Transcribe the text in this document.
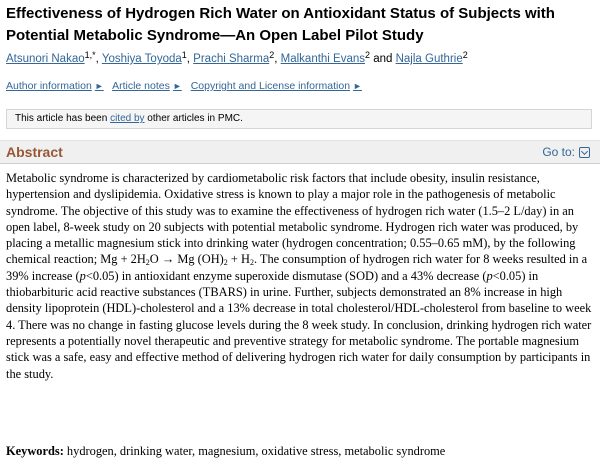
Effectiveness of Hydrogen Rich Water on Antioxidant Status of Subjects with Potential Metabolic Syndrome—An Open Label Pilot Study
Atsunori Nakao$^{1,*}$, Yoshiya Toyoda$^1$, Prachi Sharma$^2$, Malkanthi Evans$^2$ and Najla Guthrie$^2$
Author information ► Article notes ► Copyright and License information ►
This article has been cited by other articles in PMC.
Abstract	Go to:
Metabolic syndrome is characterized by cardiometabolic risk factors that include obesity, insulin resistance, hypertension and dyslipidemia. Oxidative stress is known to play a major role in the pathogenesis of metabolic syndrome. The objective of this study was to examine the effectiveness of hydrogen rich water (1.5–2 L/day) in an open label, 8-week study on 20 subjects with potential metabolic syndrome. Hydrogen rich water was produced, by placing a metallic magnesium stick into drinking water (hydrogen concentration; 0.55–0.65 mM), by the following chemical reaction; $Mg + 2H_2O \to Mg$ $(OH)_2 + H_2$. The consumption of hydrogen rich water for 8 weeks resulted in a 39% increase (p<0.05) in antioxidant enzyme superoxide dismutase (SOD) and a 43% decrease (p<0.05) in thiobarbituric acid reactive substances (TBARS) in urine. Further, subjects demonstrated an 8% increase in high density lipoprotein (HDL)-cholesterol and a 13% decrease in total cholesterol/HDL-cholesterol from baseline to week 4. There was no change in fasting glucose levels during the 8 week study. In conclusion, drinking hydrogen rich water represents a potentially novel therapeutic and preventive strategy for metabolic syndrome. The portable magnesium stick was a safe, easy and effective method of delivering hydrogen rich water for daily consumption by participants in the study.
Keywords: hydrogen, drinking water, magnesium, oxidative stress, metabolic syndrome
